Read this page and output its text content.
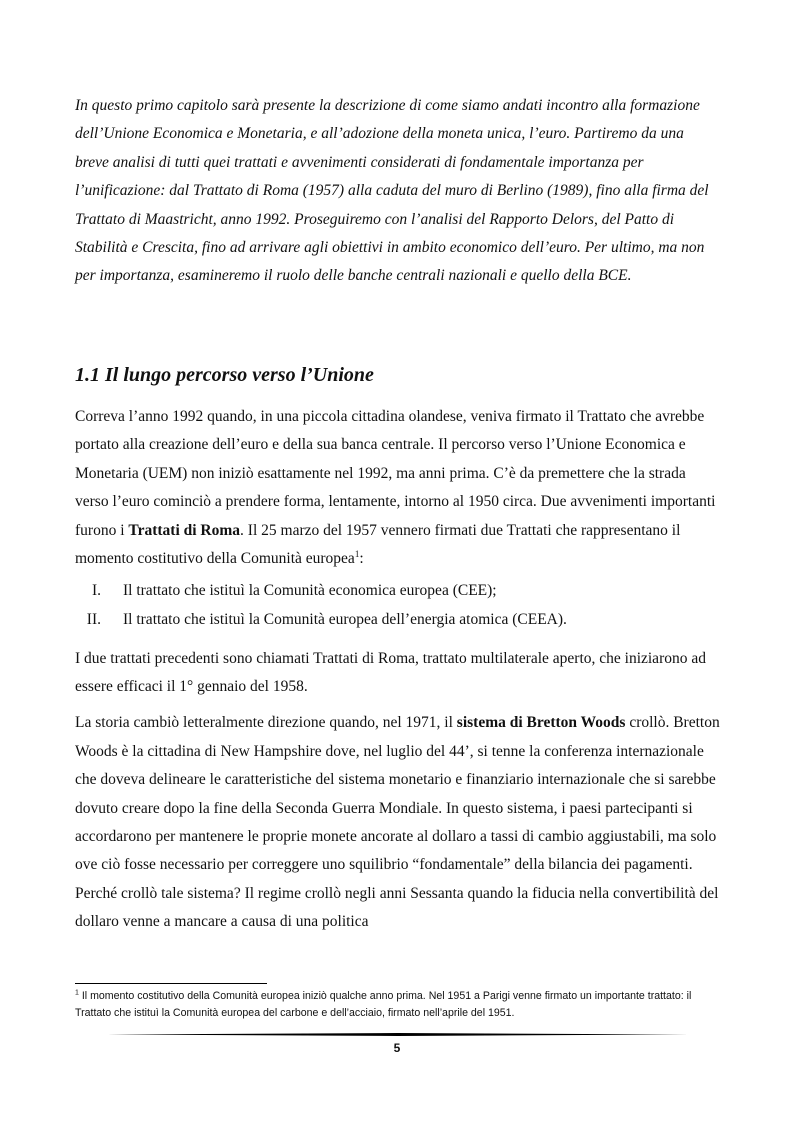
In questo primo capitolo sarà presente la descrizione di come siamo andati incontro alla formazione dell’Unione Economica e Monetaria, e all’adozione della moneta unica, l’euro. Partiremo da una breve analisi di tutti quei trattati e avvenimenti considerati di fondamentale importanza per l’unificazione: dal Trattato di Roma (1957) alla caduta del muro di Berlino (1989), fino alla firma del Trattato di Maastricht, anno 1992. Proseguiremo con l’analisi del Rapporto Delors, del Patto di Stabilità e Crescita, fino ad arrivare agli obiettivi in ambito economico dell’euro. Per ultimo, ma non per importanza, esamineremo il ruolo delle banche centrali nazionali e quello della BCE.

1.1 Il lungo percorso verso l’Unione

Correva l’anno 1992 quando, in una piccola cittadina olandese, veniva firmato il Trattato che avrebbe portato alla creazione dell’euro e della sua banca centrale. Il percorso verso l’Unione Economica e Monetaria (UEM) non iniziò esattamente nel 1992, ma anni prima. C’è da premettere che la strada verso l’euro cominciò a prendere forma, lentamente, intorno al 1950 circa. Due avvenimenti importanti furono i Trattati di Roma. Il 25 marzo del 1957 vennero firmati due Trattati che rappresentano il momento costitutivo della Comunità europea$^1$:

I. Il trattato che istituì la Comunità economica europea (CEE);
II. Il trattato che istituì la Comunità europea dell’energia atomica (CEEA).

I due trattati precedenti sono chiamati Trattati di Roma, trattato multilaterale aperto, che iniziarono ad essere efficaci il 1° gennaio del 1958.

La storia cambiò letteralmente direzione quando, nel 1971, il sistema di Bretton Woods crollò. Bretton Woods è la cittadina di New Hampshire dove, nel luglio del 44’, si tenne la conferenza internazionale che doveva delineare le caratteristiche del sistema monetario e finanziario internazionale che si sarebbe dovuto creare dopo la fine della Seconda Guerra Mondiale. In questo sistema, i paesi partecipanti si accordarono per mantenere le proprie monete ancorate al dollaro a tassi di cambio aggiustabili, ma solo ove ciò fosse necessario per correggere uno squilibrio “fondamentale” della bilancia dei pagamenti. Perché crollò tale sistema? Il regime crollò negli anni Sessanta quando la fiducia nella convertibilità del dollaro venne a mancare a causa di una politica

$^1$ Il momento costitutivo della Comunità europea iniziò qualche anno prima. Nel 1951 a Parigi venne firmato un importante trattato: il Trattato che istituì la Comunità europea del carbone e dell’acciaio, firmato nell’aprile del 1951.

5
